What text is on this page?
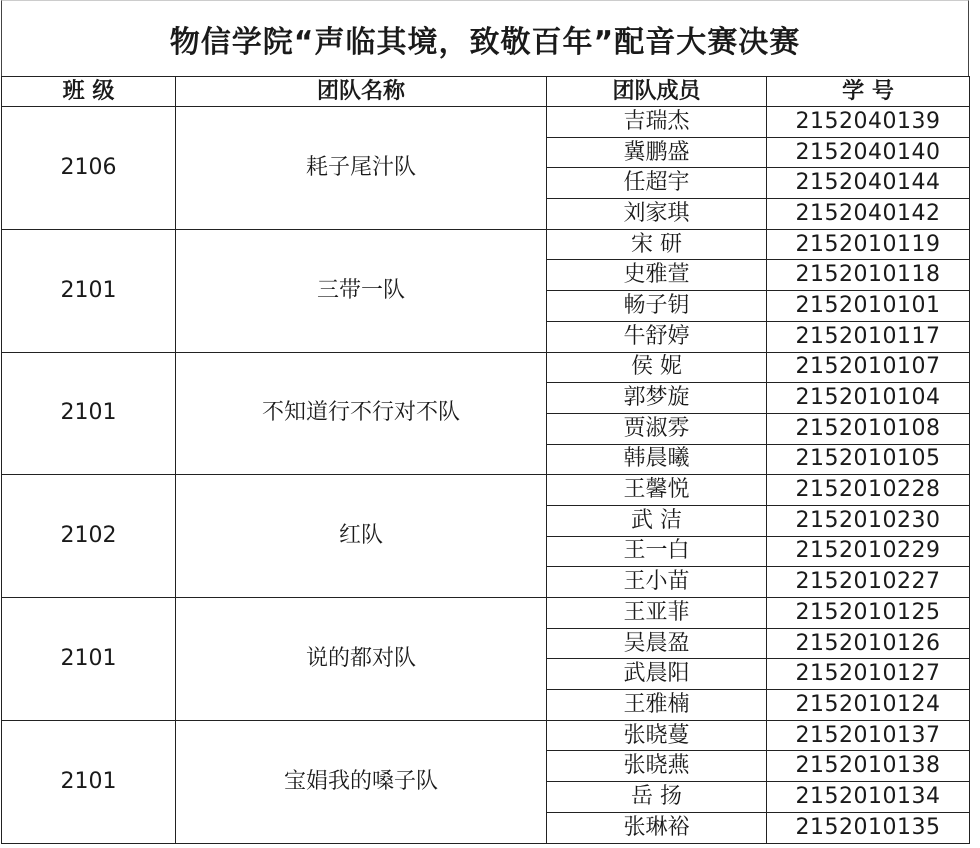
物信学院“声临其境，致敬百年”配音大赛决赛
班 级	团队名称	团队成员	学 号
2106	耗子尾汁队	吉瑞杰	2152040139
		冀鹏盛	2152040140
		任超宇	2152040144
		刘家琪	2152040142
2101	三带一队	宋 研	2152010119
		史雅萱	2152010118
		畅子钥	2152010101
		牛舒婷	2152010117
2101	不知道行不行对不队	侯 妮	2152010107
		郭梦旋	2152010104
		贾淑雰	2152010108
		韩晨曦	2152010105
2102	红队	王馨悦	2152010228
		武 洁	2152010230
		王一白	2152010229
		王小苗	2152010227
2101	说的都对队	王亚菲	2152010125
		吴晨盈	2152010126
		武晨阳	2152010127
		王雅楠	2152010124
2101	宝娟我的嗓子队	张晓蔓	2152010137
		张晓燕	2152010138
		岳 扬	2152010134
		张琳裕	2152010135
